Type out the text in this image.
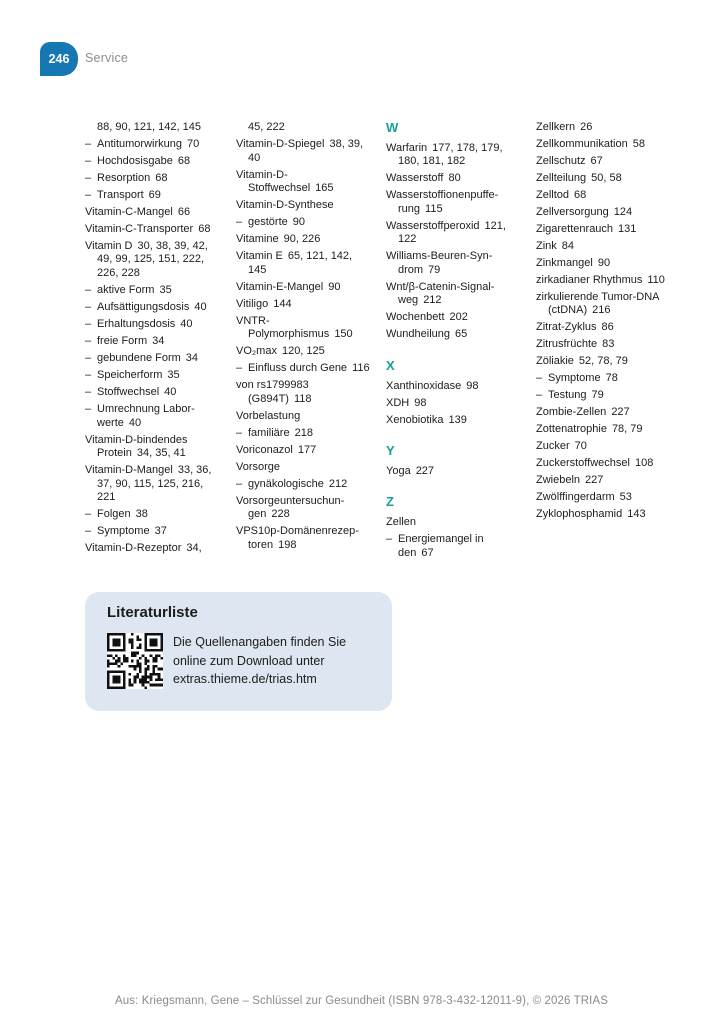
246 Service
88, 90, 121, 142, 145
– Antitumorwirkung 70
– Hochdosisgabe 68
– Resorption 68
– Transport 69
Vitamin-C-Mangel 66
Vitamin-C-Transporter 68
Vitamin D 30, 38, 39, 42, 49, 99, 125, 151, 222, 226, 228
– aktive Form 35
– Aufsättigungsdosis 40
– Erhaltungsdosis 40
– freie Form 34
– gebundene Form 34
– Speicherform 35
– Stoffwechsel 40
– Umrechnung Labor-werte 40
Vitamin-D-bindendes Protein 34, 35, 41
Vitamin-D-Mangel 33, 36, 37, 90, 115, 125, 216, 221
– Folgen 38
– Symptome 37
Vitamin-D-Rezeptor 34,
45, 222
Vitamin-D-Spiegel 38, 39, 40
Vitamin-D-Stoffwechsel 165
Vitamin-D-Synthese
– gestörte 90
Vitamine 90, 226
Vitamin E 65, 121, 142, 145
Vitamin-E-Mangel 90
Vitiligo 144
VNTR-Polymorphismus 150
VO₂max 120, 125
– Einfluss durch Gene 116
von rs1799983 (G894T) 118
Vorbelastung
– familiäre 218
Voriconazol 177
Vorsorge
– gynäkologische 212
Vorsorgeuntersuchun-gen 228
VPS10p-Domänenrezep-toren 198
W
Warfarin 177, 178, 179, 180, 181, 182
Wasserstoff 80
Wasserstoffionenpuffe-rung 115
Wasserstoffperoxid 121, 122
Williams-Beuren-Syn-drom 79
Wnt/β-Catenin-Signal-weg 212
Wochenbett 202
Wundheilung 65
X
Xanthinoxidase 98
XDH 98
Xenobiotika 139
Y
Yoga 227
Z
Zellen
– Energiemangel in den 67
Zellkern 26
Zellkommunikation 58
Zellschutz 67
Zellteilung 50, 58
Zelltod 68
Zellversorgung 124
Zigarettenrauch 131
Zink 84
Zinkmangel 90
zirkadianer Rhythmus 110
zirkulierende Tumor-DNA (ctDNA) 216
Zitrat-Zyklus 86
Zitrusfrüchte 83
Zöliakie 52, 78, 79
– Symptome 78
– Testung 79
Zombie-Zellen 227
Zottenatrophie 78, 79
Zucker 70
Zuckerstoffwechsel 108
Zwiebeln 227
Zwölffingerdarm 53
Zyklophosphamid 143
Literaturliste
Die Quellenangaben finden Sie
online zum Download unter
extras.thieme.de/trias.htm
Aus: Kriegsmann, Gene – Schlüssel zur Gesundheit (ISBN 978-3-432-12011-9), © 2026 TRIAS
